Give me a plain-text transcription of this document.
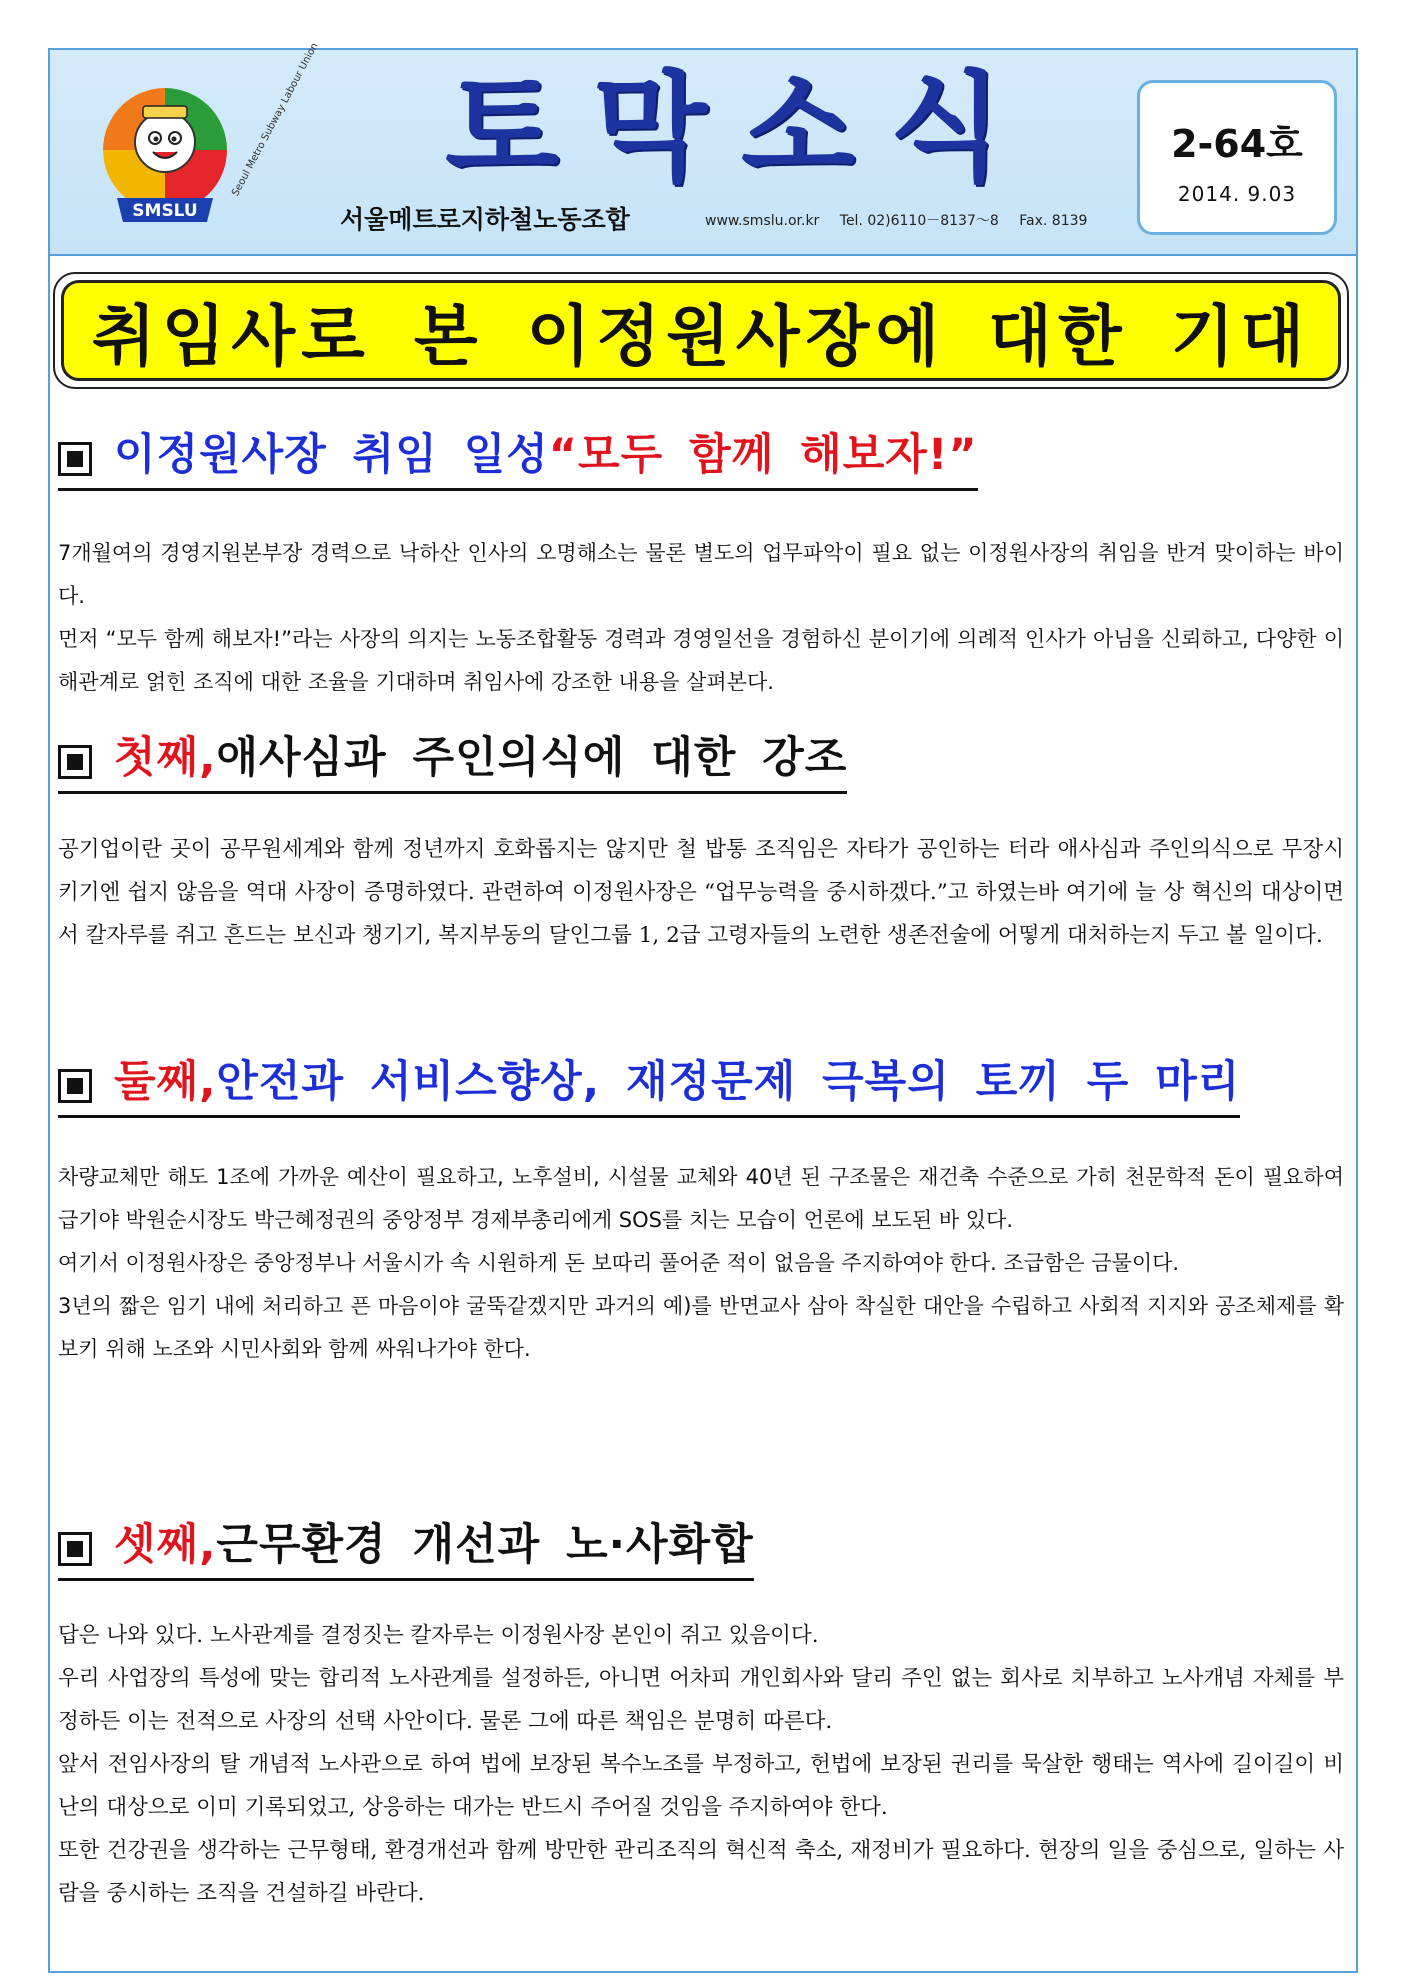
SMSLU
Seoul Metro Subway Labour Union 토막소식
서울메트로지하철노동조합	www.smslu.or.kr Tel. 02)6110－8137～8 Fax. 8139
2-64호
2014. 9.03
취임사로 본 이정원사장에 대한 기대
이정원사장 취임 일성 “모두 함께 해보자!”

7개월여의 경영지원본부장 경력으로 낙하산 인사의 오명해소는 물론 별도의 업무파악이 필요 없는 이정원사장의 취임을 반겨 맞이하는 바이다.

먼저 “모두 함께 해보자!”라는 사장의 의지는 노동조합활동 경력과 경영일선을 경험하신 분이기에 의례적 인사가 아님을 신뢰하고, 다양한 이해관계로 얽힌 조직에 대한 조율을 기대하며 취임사에 강조한 내용을 살펴본다.

첫째, 애사심과 주인의식에 대한 강조

공기업이란 곳이 공무원세계와 함께 정년까지 호화롭지는 않지만 철 밥통 조직임은 자타가 공인하는 터라 애사심과 주인의식으로 무장시키기엔 쉽지 않음을 역대 사장이 증명하였다. 관련하여 이정원사장은 “업무능력을 중시하겠다.”고 하였는바 여기에 늘 상 혁신의 대상이면서 칼자루를 쥐고 흔드는 보신과 챙기기, 복지부동의 달인그룹 1, 2급 고령자들의 노련한 생존전술에 어떻게 대처하는지 두고 볼 일이다.

둘째, 안전과 서비스향상, 재정문제 극복의 토끼 두 마리

차량교체만 해도 1조에 가까운 예산이 필요하고, 노후설비, 시설물 교체와 40년 된 구조물은 재건축 수준으로 가히 천문학적 돈이 필요하여 급기야 박원순시장도 박근혜정권의 중앙정부 경제부총리에게 SOS를 치는 모습이 언론에 보도된 바 있다.

여기서 이정원사장은 중앙정부나 서울시가 속 시원하게 돈 보따리 풀어준 적이 없음을 주지하여야 한다. 조급함은 금물이다.

3년의 짧은 임기 내에 처리하고 픈 마음이야 굴뚝같겠지만 과거의 예)를 반면교사 삼아 착실한 대안을 수립하고 사회적 지지와 공조체제를 확보키 위해 노조와 시민사회와 함께 싸워나가야 한다.

셋째, 근무환경 개선과 노·사화합

답은 나와 있다. 노사관계를 결정짓는 칼자루는 이정원사장 본인이 쥐고 있음이다.

우리 사업장의 특성에 맞는 합리적 노사관계를 설정하든, 아니면 어차피 개인회사와 달리 주인 없는 회사로 치부하고 노사개념 자체를 부정하든 이는 전적으로 사장의 선택 사안이다. 물론 그에 따른 책임은 분명히 따른다.

앞서 전임사장의 탈 개념적 노사관으로 하여 법에 보장된 복수노조를 부정하고, 헌법에 보장된 권리를 묵살한 행태는 역사에 길이길이 비난의 대상으로 이미 기록되었고, 상응하는 대가는 반드시 주어질 것임을 주지하여야 한다.

또한 건강권을 생각하는 근무형태, 환경개선과 함께 방만한 관리조직의 혁신적 축소, 재정비가 필요하다. 현장의 일을 중심으로, 일하는 사람을 중시하는 조직을 건설하길 바란다.
